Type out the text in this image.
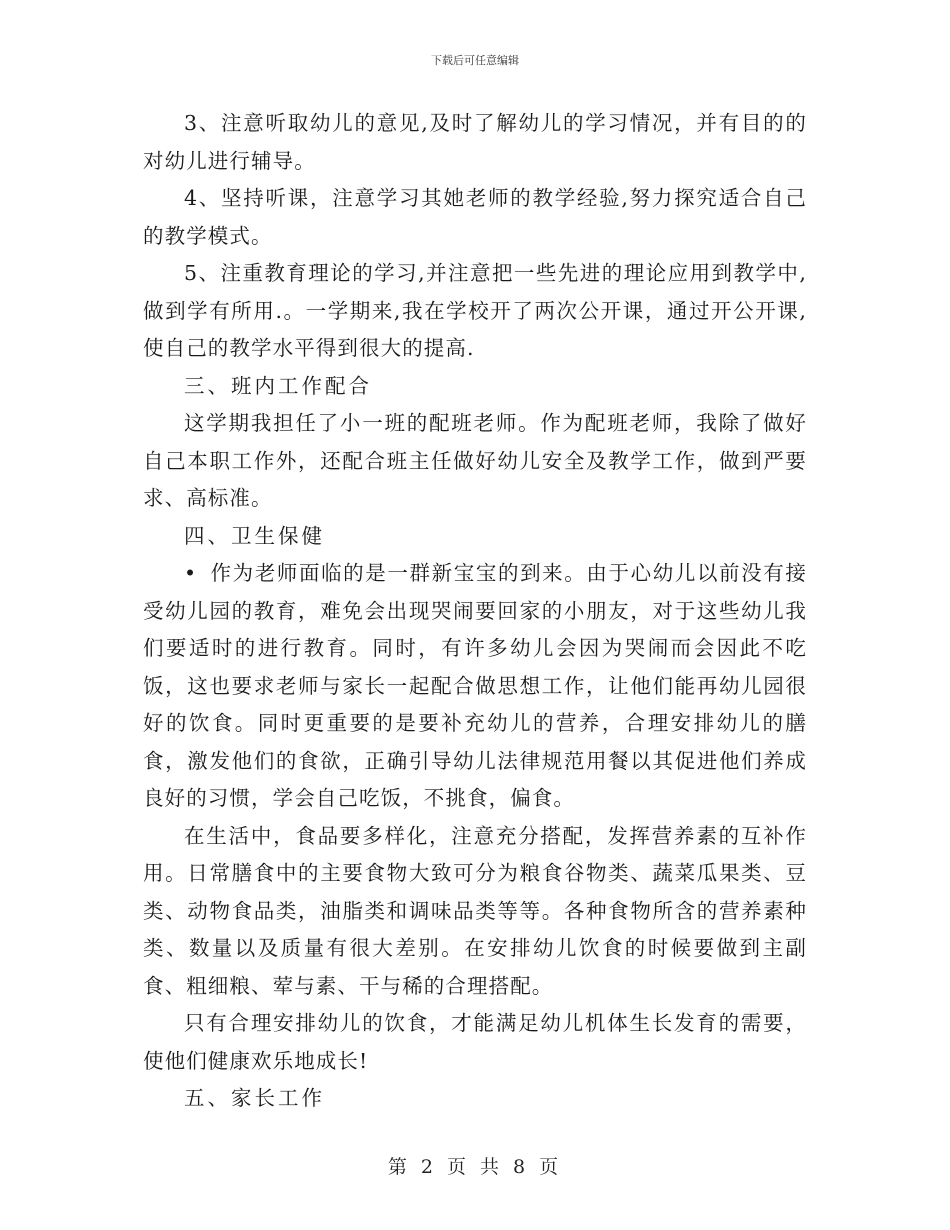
下载后可任意编辑

3、注意听取幼儿的意见,及时了解幼儿的学习情况，并有目的的对幼儿进行辅导。

4、坚持听课，注意学习其她老师的教学经验,努力探究适合自己的教学模式。

5、注重教育理论的学习,并注意把一些先进的理论应用到教学中,做到学有所用.。一学期来,我在学校开了两次公开课，通过开公开课,使自己的教学水平得到很大的提高.

三、班内工作配合

这学期我担任了小一班的配班老师。作为配班老师，我除了做好自己本职工作外，还配合班主任做好幼儿安全及教学工作，做到严要求、高标准。

四、卫生保健

• 作为老师面临的是一群新宝宝的到来。由于心幼儿以前没有接受幼儿园的教育，难免会出现哭闹要回家的小朋友，对于这些幼儿我们要适时的进行教育。同时，有许多幼儿会因为哭闹而会因此不吃饭，这也要求老师与家长一起配合做思想工作，让他们能再幼儿园很好的饮食。同时更重要的是要补充幼儿的营养，合理安排幼儿的膳食，激发他们的食欲，正确引导幼儿法律规范用餐以其促进他们养成良好的习惯，学会自己吃饭，不挑食，偏食。

在生活中，食品要多样化，注意充分搭配，发挥营养素的互补作用。日常膳食中的主要食物大致可分为粮食谷物类、蔬菜瓜果类、豆类、动物食品类，油脂类和调味品类等等。各种食物所含的营养素种类、数量以及质量有很大差别。在安排幼儿饮食的时候要做到主副食、粗细粮、荤与素、干与稀的合理搭配。

只有合理安排幼儿的饮食，才能满足幼儿机体生长发育的需要，使他们健康欢乐地成长!

五、家长工作

第 2 页 共 8 页
